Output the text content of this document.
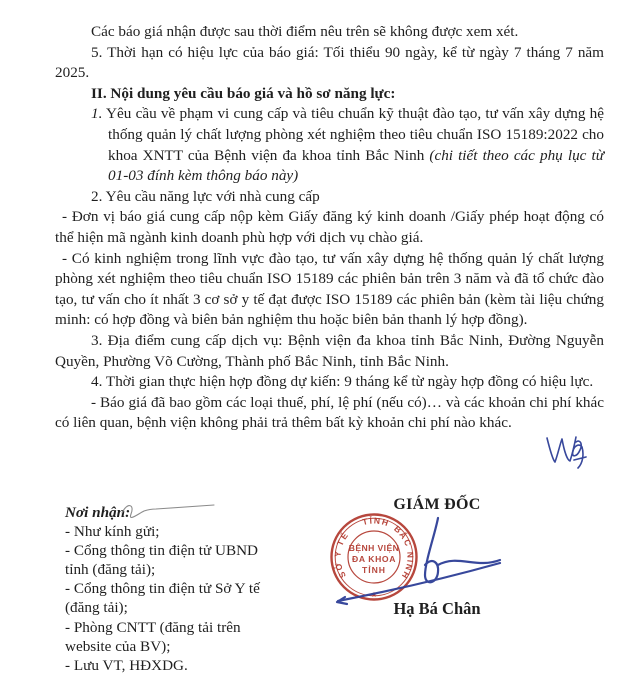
Các báo giá nhận được sau thời điểm nêu trên sẽ không được xem xét.

5. Thời hạn có hiệu lực của báo giá: Tối thiểu 90 ngày, kể từ ngày 7 tháng 7 năm 2025.

II. Nội dung yêu cầu báo giá và hồ sơ năng lực:

1. Yêu cầu về phạm vi cung cấp và tiêu chuẩn kỹ thuật đào tạo, tư vấn xây dựng hệ thống quản lý chất lượng phòng xét nghiệm theo tiêu chuẩn ISO 15189:2022 cho khoa XNTT của Bệnh viện đa khoa tỉnh Bắc Ninh (chi tiết theo các phụ lục từ 01-03 đính kèm thông báo này)

2. Yêu cầu năng lực với nhà cung cấp

- Đơn vị báo giá cung cấp nộp kèm Giấy đăng ký kinh doanh /Giấy phép hoạt động có thể hiện mã ngành kinh doanh phù hợp với dịch vụ chào giá.

- Có kinh nghiệm trong lĩnh vực đào tạo, tư vấn xây dựng hệ thống quản lý chất lượng phòng xét nghiệm theo tiêu chuẩn ISO 15189 các phiên bản trên 3 năm và đã tổ chức đào tạo, tư vấn cho ít nhất 3 cơ sở y tế đạt được ISO 15189 các phiên bản (kèm tài liệu chứng minh: có hợp đồng và biên bản nghiệm thu hoặc biên bản thanh lý hợp đồng).

3. Địa điểm cung cấp dịch vụ: Bệnh viện đa khoa tỉnh Bắc Ninh, Đường Nguyễn Quyền, Phường Võ Cường, Thành phố Bắc Ninh, tỉnh Bắc Ninh.

4. Thời gian thực hiện hợp đồng dự kiến: 9 tháng kể từ ngày hợp đồng có hiệu lực.

- Báo giá đã bao gồm các loại thuế, phí, lệ phí (nếu có)… và các khoản chi phí khác có liên quan, bệnh viện không phải trả thêm bất kỳ khoản chi phí nào khác.

Nơi nhận:
- Như kính gửi;
- Cổng thông tin điện tử UBND tỉnh (đăng tải);
- Cổng thông tin điện tử Sở Y tế (đăng tải);
- Phòng CNTT (đăng tải trên website của BV);
- Lưu VT, HĐXDG.
GIÁM ĐỐC
SỞ Y TẾ
TỈNH
BẮC NINH
BỆNH VIỆN
ĐA KHOA
TỈNH
★
Hạ Bá Chân
